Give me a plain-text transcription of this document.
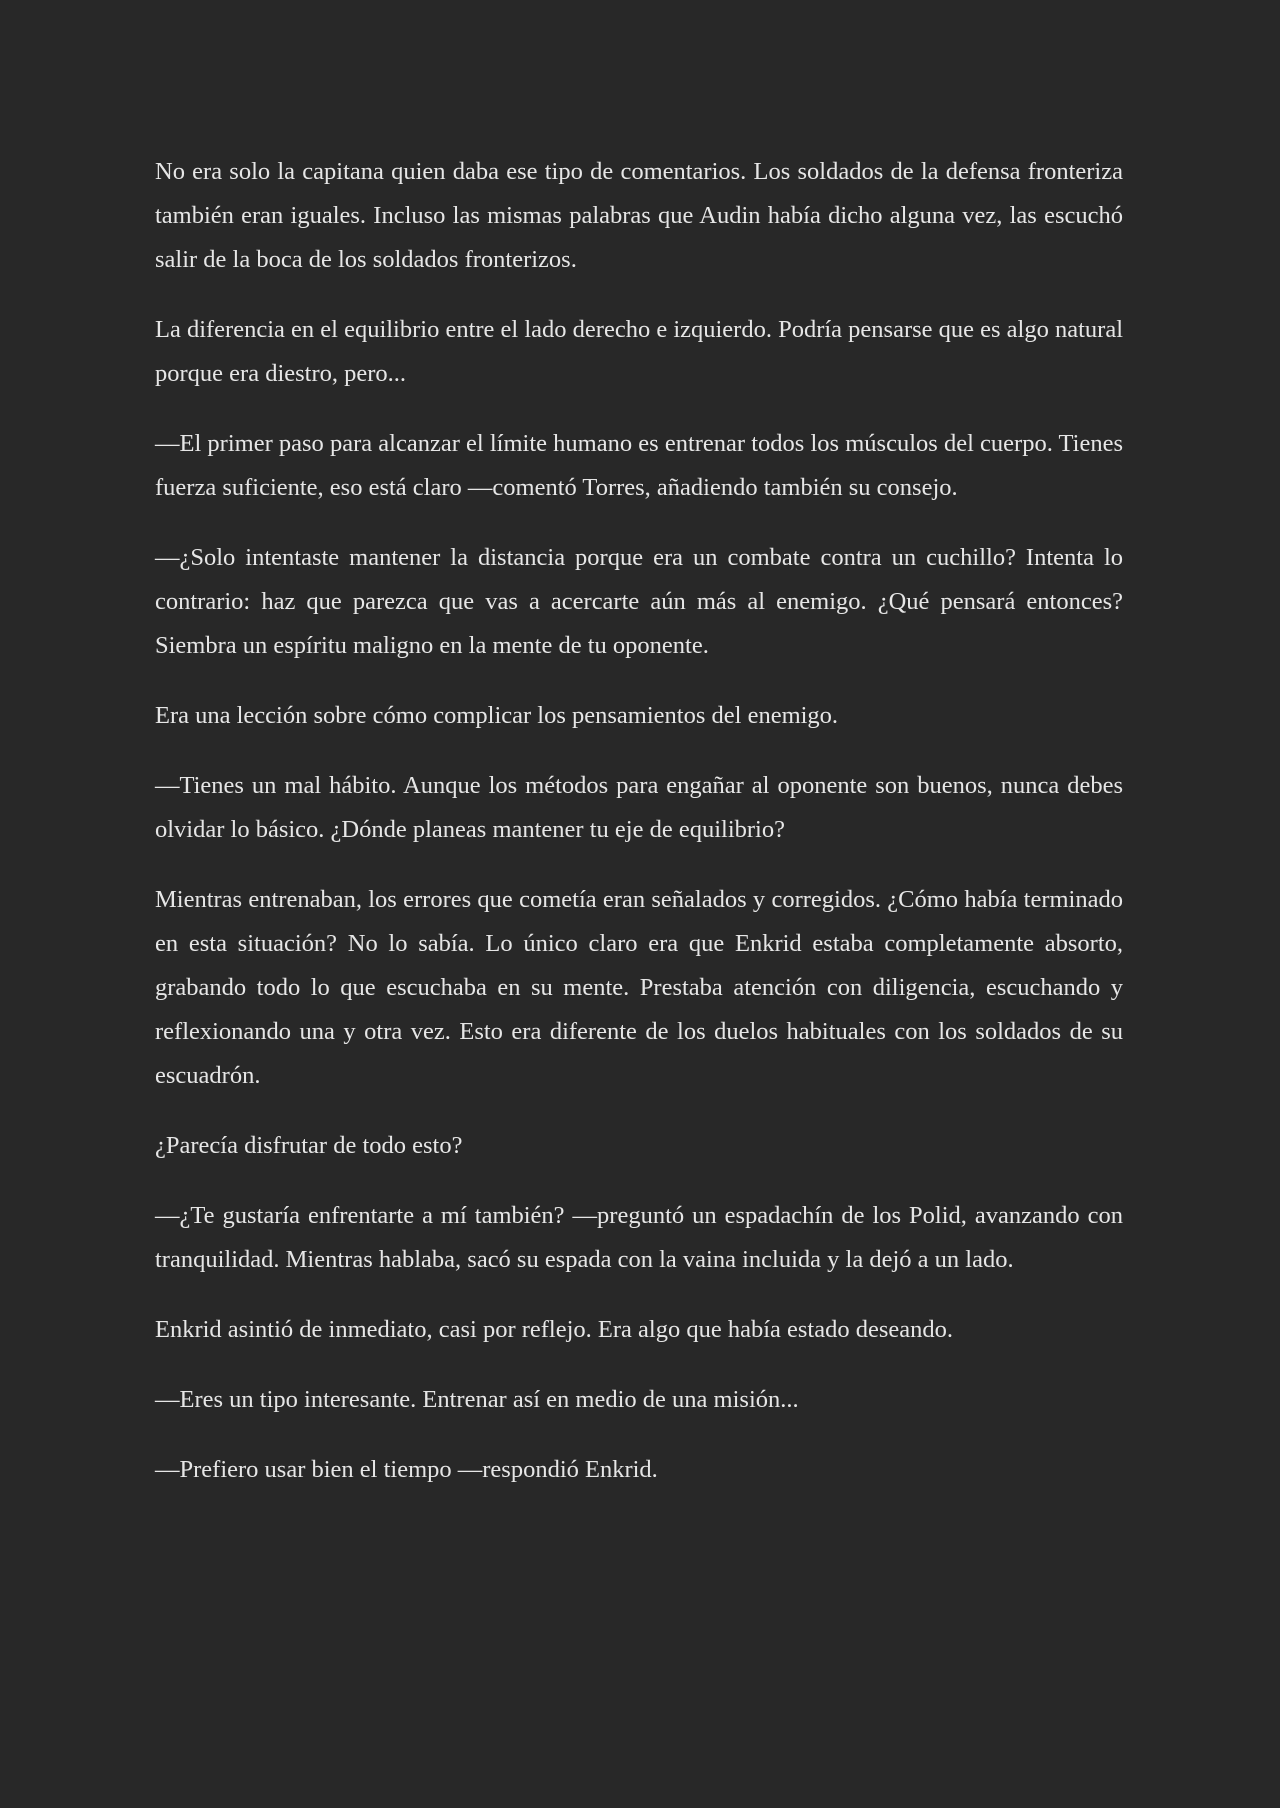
No era solo la capitana quien daba ese tipo de comentarios. Los soldados de la defensa fronteriza también eran iguales. Incluso las mismas palabras que Audin había dicho alguna vez, las escuchó salir de la boca de los soldados fronterizos.

La diferencia en el equilibrio entre el lado derecho e izquierdo. Podría pensarse que es algo natural porque era diestro, pero...

—El primer paso para alcanzar el límite humano es entrenar todos los músculos del cuerpo. Tienes fuerza suficiente, eso está claro —comentó Torres, añadiendo también su consejo.

—¿Solo intentaste mantener la distancia porque era un combate contra un cuchillo? Intenta lo contrario: haz que parezca que vas a acercarte aún más al enemigo. ¿Qué pensará entonces? Siembra un espíritu maligno en la mente de tu oponente.

Era una lección sobre cómo complicar los pensamientos del enemigo.

—Tienes un mal hábito. Aunque los métodos para engañar al oponente son buenos, nunca debes olvidar lo básico. ¿Dónde planeas mantener tu eje de equilibrio?

Mientras entrenaban, los errores que cometía eran señalados y corregidos. ¿Cómo había terminado en esta situación? No lo sabía. Lo único claro era que Enkrid estaba completamente absorto, grabando todo lo que escuchaba en su mente. Prestaba atención con diligencia, escuchando y reflexionando una y otra vez. Esto era diferente de los duelos habituales con los soldados de su escuadrón.

¿Parecía disfrutar de todo esto?

—¿Te gustaría enfrentarte a mí también? —preguntó un espadachín de los Polid, avanzando con tranquilidad. Mientras hablaba, sacó su espada con la vaina incluida y la dejó a un lado.

Enkrid asintió de inmediato, casi por reflejo. Era algo que había estado deseando.

—Eres un tipo interesante. Entrenar así en medio de una misión...

—Prefiero usar bien el tiempo —respondió Enkrid.
